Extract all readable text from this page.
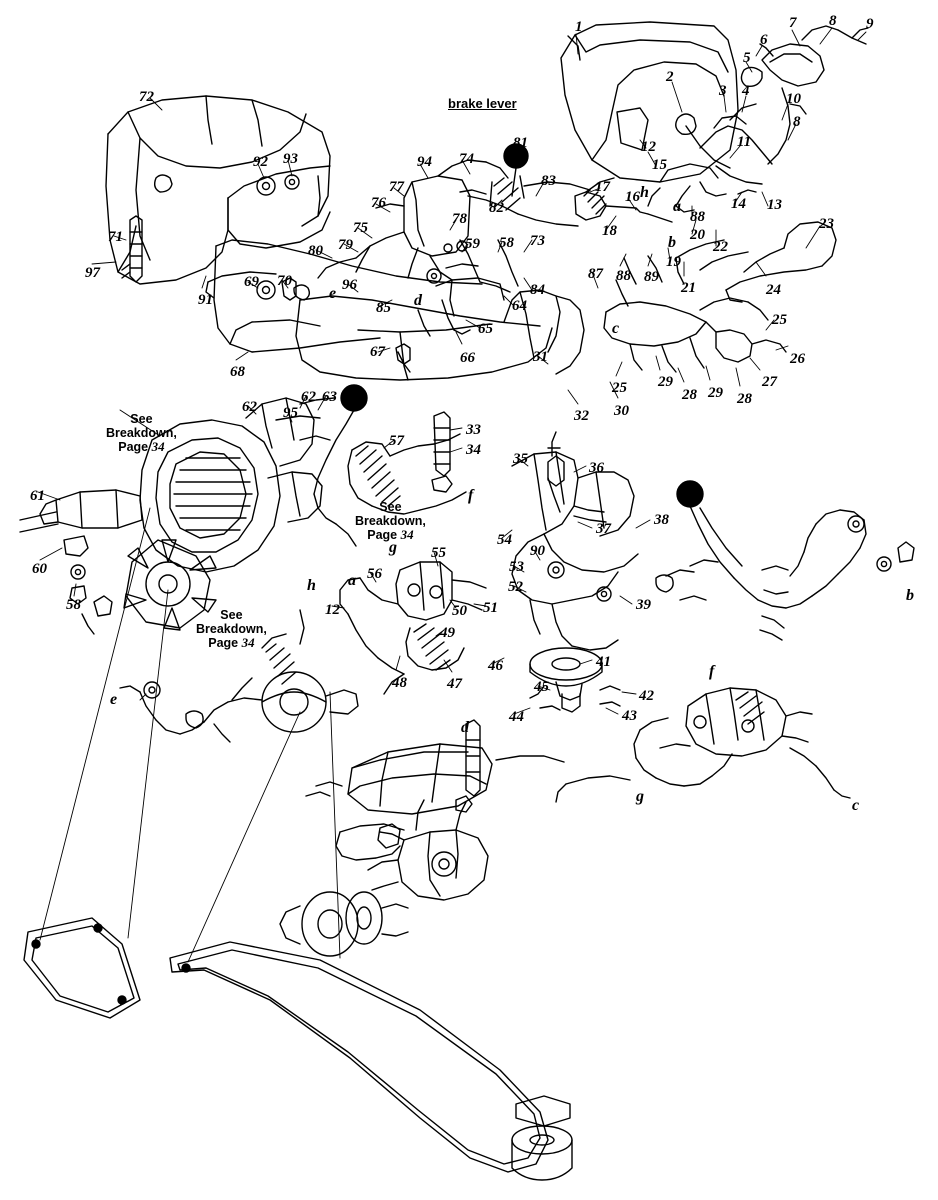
brake lever
1	7 8 9
6
5
2
3 4 10
11
8
12
15
16
17
14 13
88
18	20
22
23
24
19
21
89
88
87
25
26
27
28
29
28
29
25
30
32
31
72
92 93	94 74
81
83
82
77
76
78
75
79
80	59 58 73
84
64
65
66
67
85
96
69 70
71
97
91
68
62 95
62 63
57
33
34
35
36
37
38
54
53
90
52
39
41
42
43
45
44
46
47
48
49
50 51
55
56
12
61
60
58
h
a
b
c
e	d
f
g
a
h
e
b
f
g
c
d
See
Breakdown,
Page 34
See
Breakdown,
Page 34
See
Breakdown,
Page 34
